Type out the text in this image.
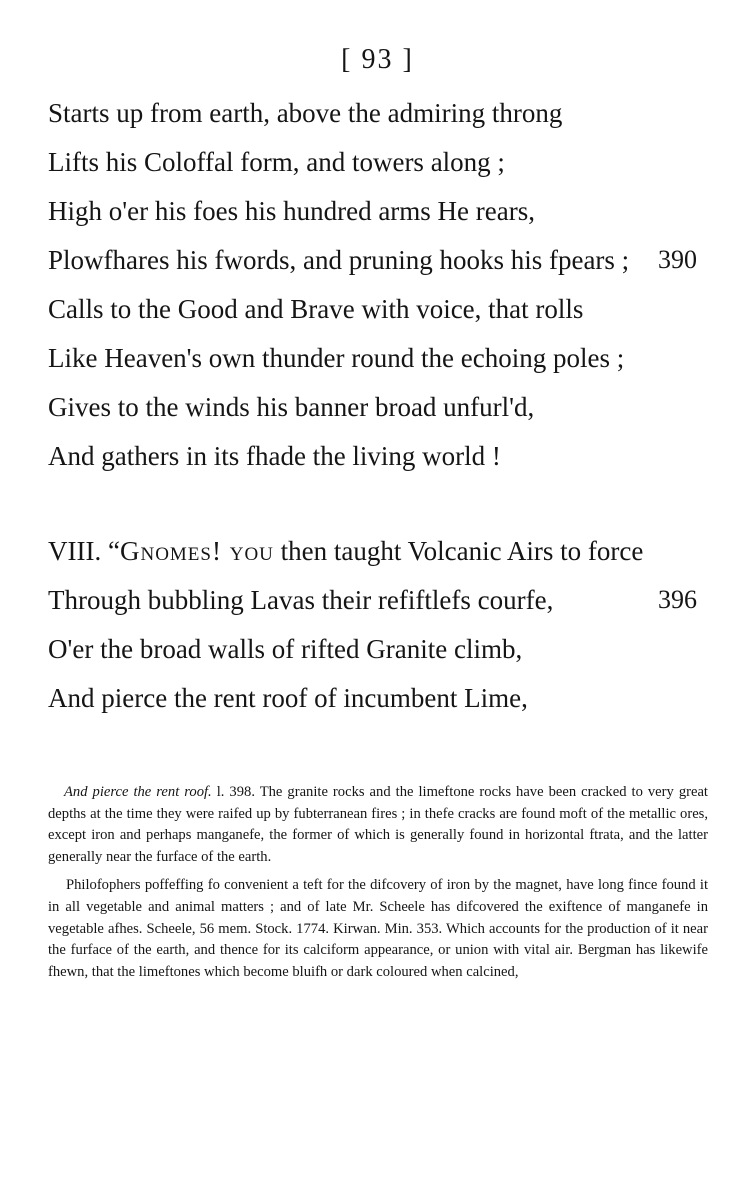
[ 93 ]
Starts up from earth, above the admiring throng
Lifts his Coloffal form, and towers along ;
High o'er his foes his hundred arms He rears,
Plowfhares his fwords, and pruning hooks his fpears ; 390
Calls to the Good and Brave with voice, that rolls
Like Heaven's own thunder round the echoing poles ;
Gives to the winds his banner broad unfurl'd,
And gathers in its fhade the living world !
VIII. “Gnomes! you then taught Volcanic Airs to force
Through bubbling Lavas their refiftlefs courfe,	396
O'er the broad walls of rifted Granite climb,
And pierce the rent roof of incumbent Lime,

And pierce the rent roof. l. 398. The granite rocks and the limeftone rocks have been cracked to very great depths at the time they were raifed up by fubterranean fires ; in thefe cracks are found moft of the metallic ores, except iron and perhaps manganefe, the former of which is generally found in horizontal ftrata, and the latter generally near the furface of the earth.

Philofophers poffeffing fo convenient a teft for the difcovery of iron by the magnet, have long fince found it in all vegetable and animal matters ; and of late Mr. Scheele has difcovered the exiftence of manganefe in vegetable afhes. Scheele, 56 mem. Stock. 1774. Kirwan. Min. 353. Which accounts for the production of it near the furface of the earth, and thence for its calciform appearance, or union with vital air. Bergman has likewife fhewn, that the limeftones which become bluifh or dark coloured when calcined,
